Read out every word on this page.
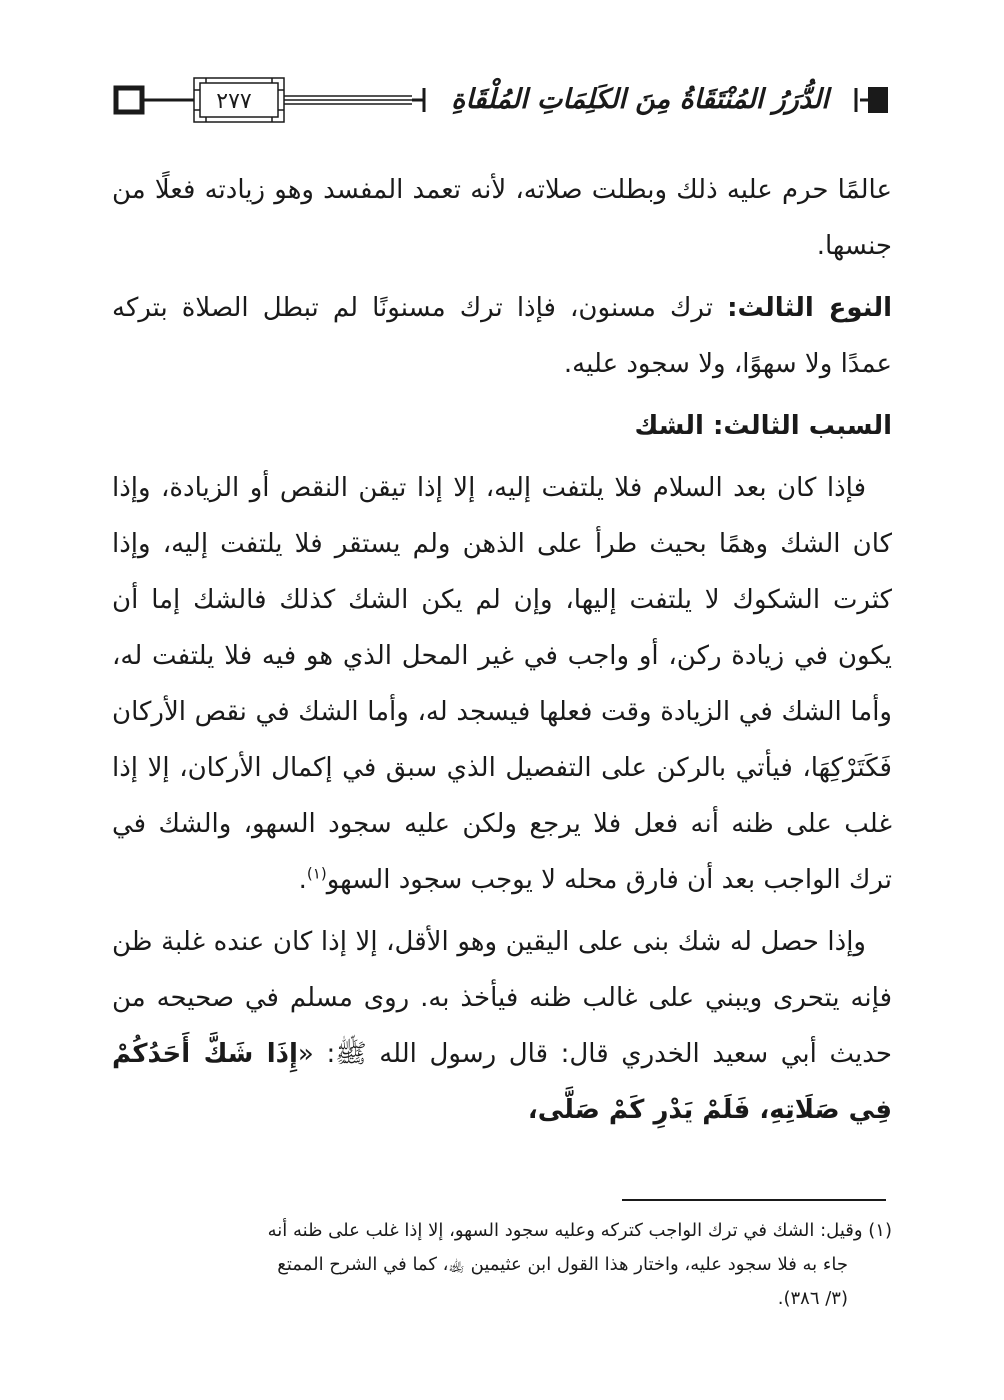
٢٧٧	الدُّرَرُ المُنْتَقَاةُ مِنَ الكَلِمَاتِ المُلْقَاةِ

عالمًا حرم عليه ذلك وبطلت صلاته، لأنه تعمد المفسد وهو زيادته فعلًا من جنسها.

النوع الثالث: ترك مسنون، فإذا ترك مسنونًا لم تبطل الصلاة بتركه عمدًا ولا سهوًا، ولا سجود عليه.

السبب الثالث: الشك

فإذا كان بعد السلام فلا يلتفت إليه، إلا إذا تيقن النقص أو الزيادة، وإذا كان الشك وهمًا بحيث طرأ على الذهن ولم يستقر فلا يلتفت إليه، وإذا كثرت الشكوك لا يلتفت إليها، وإن لم يكن الشك كذلك فالشك إما أن يكون في زيادة ركن، أو واجب في غير المحل الذي هو فيه فلا يلتفت له، وأما الشك في الزيادة وقت فعلها فيسجد له، وأما الشك في نقص الأركان فَكَتَرْكِهَا، فيأتي بالركن على التفصيل الذي سبق في إكمال الأركان، إلا إذا غلب على ظنه أنه فعل فلا يرجع ولكن عليه سجود السهو، والشك في ترك الواجب بعد أن فارق محله لا يوجب سجود السهو$^{(١)}$.

وإذا حصل له شك بنى على اليقين وهو الأقل، إلا إذا كان عنده غلبة ظن فإنه يتحرى ويبني على غالب ظنه فيأخذ به. روى مسلم في صحيحه من حديث أبي سعيد الخدري قال: قال رسول الله ﷺ: «إِذَا شَكَّ أَحَدُكُمْ فِي صَلَاتِهِ، فَلَمْ يَدْرِ كَمْ صَلَّى،

(١) وقيل: الشك في ترك الواجب كتركه وعليه سجود السهو، إلا إذا غلب على ظنه أنه

جاء به فلا سجود عليه، واختار هذا القول ابن عثيمين ﵀، كما في الشرح الممتع

(٣/ ٣٨٦).
